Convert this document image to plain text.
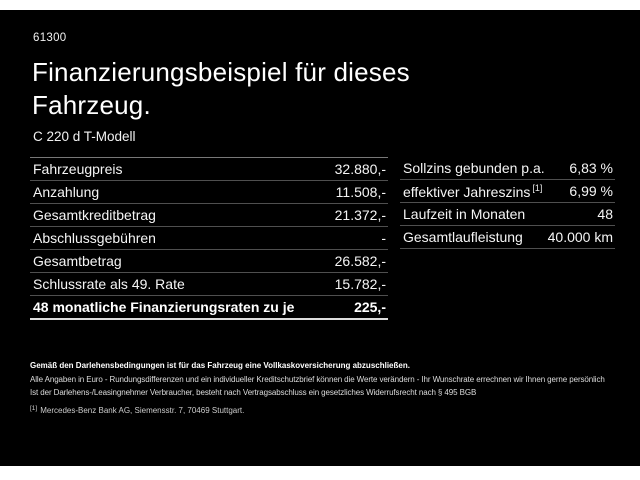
61300
Finanzierungsbeispiel für dieses
Fahrzeug.
C 220 d T-Modell
Fahrzeugpreis	32.880,-
Anzahlung	11.508,-
Gesamtkreditbetrag	21.372,-
Abschlussgebühren	-
Gesamtbetrag	26.582,-
Schlussrate als 49. Rate	15.782,-
48 monatliche Finanzierungsraten zu je	225,-
Sollzins gebunden p.a. 6,83 %
effektiver Jahreszins [1] 6,99 %
Laufzeit in Monaten	48
Gesamtlaufleistung 40.000 km
Gemäß den Darlehensbedingungen ist für das Fahrzeug eine Vollkaskoversicherung abzuschließen.
Alle Angaben in Euro - Rundungsdifferenzen und ein individueller Kreditschutzbrief können die Werte verändern - Ihr Wunschrate errechnen wir Ihnen gerne persönlich
Ist der Darlehens-/Leasingnehmer Verbraucher, besteht nach Vertragsabschluss ein gesetzliches Widerrufsrecht nach § 495 BGB
[1] Mercedes-Benz Bank AG, Siemensstr. 7, 70469 Stuttgart.
